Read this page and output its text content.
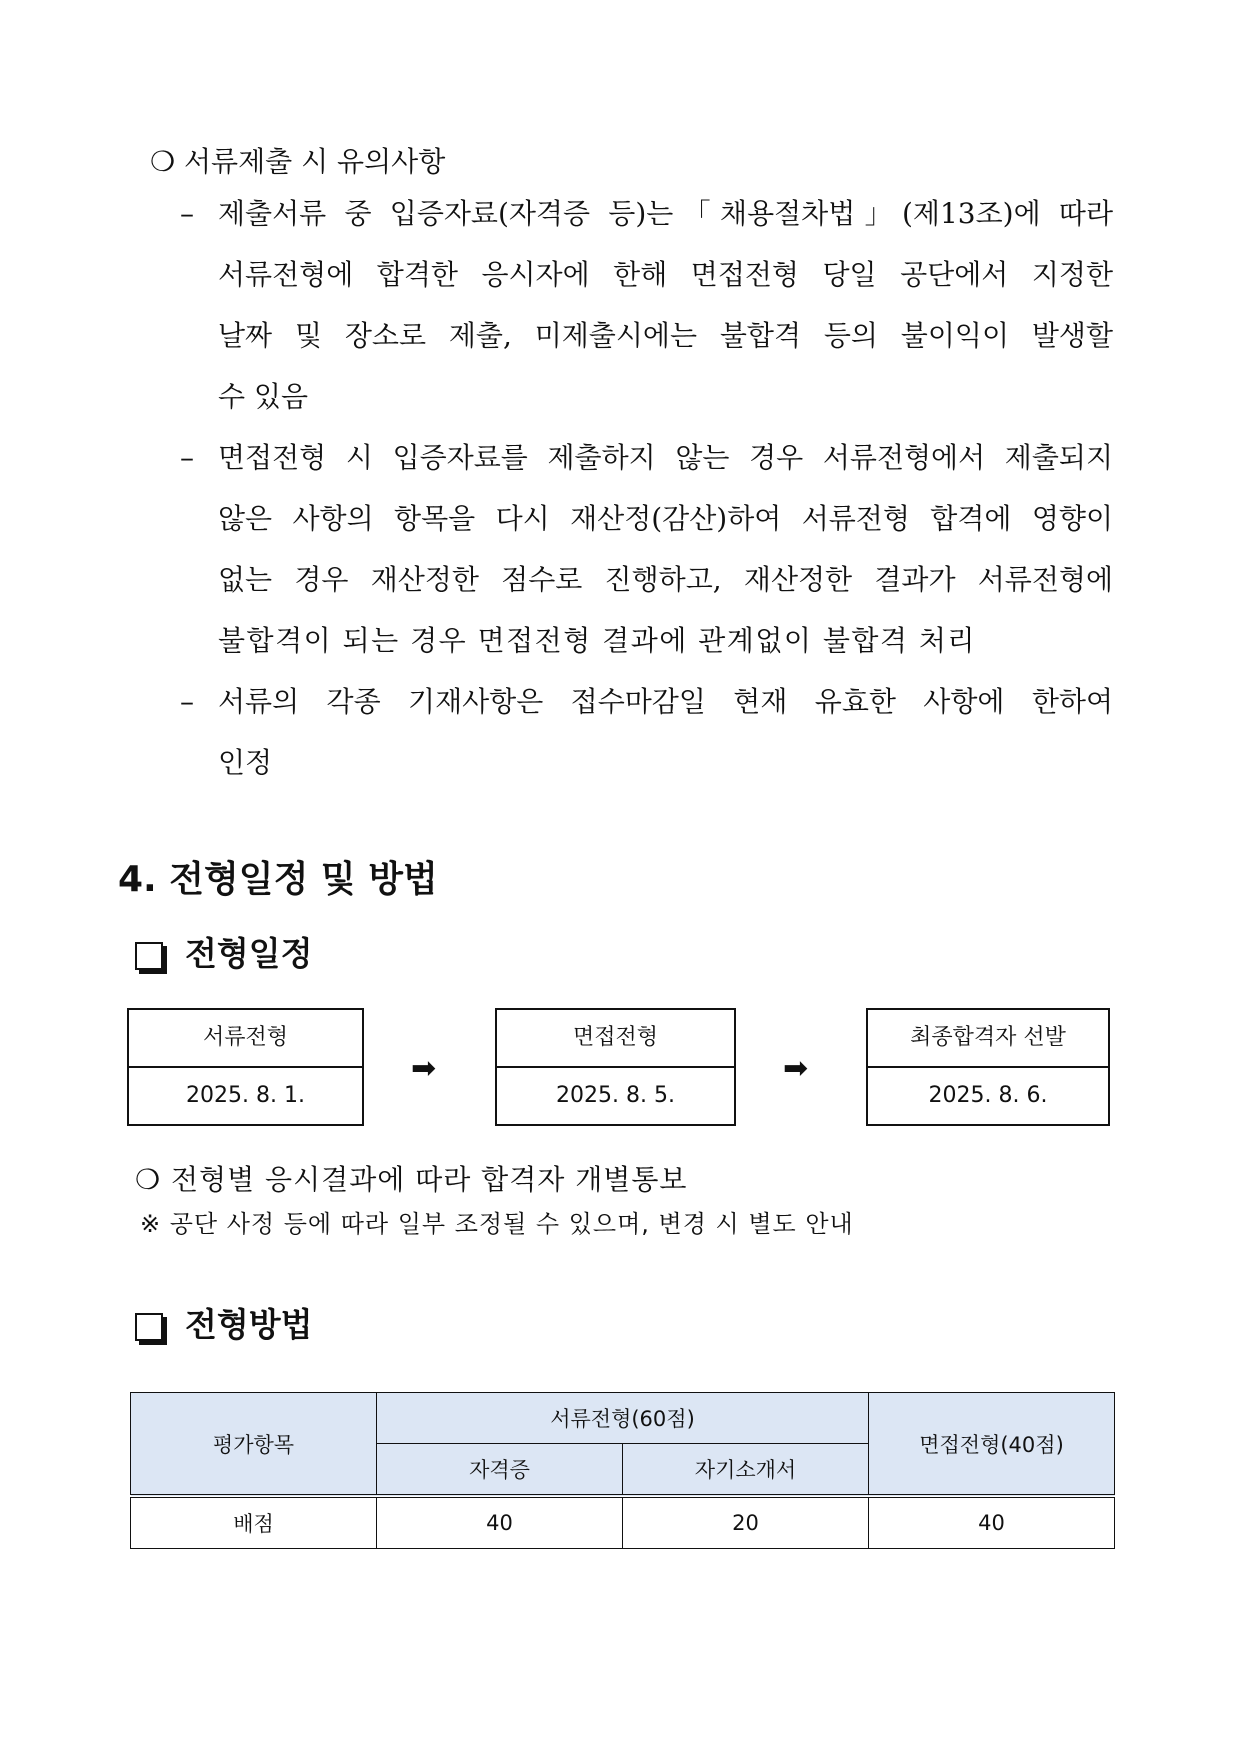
❍ 서류제출 시 유의사항
– 제출서류 중 입증자료(자격증 등)는「채용절차법」(제13조)에 따라
서류전형에 합격한 응시자에 한해 면접전형 당일 공단에서 지정한
날짜 및 장소로 제출, 미제출시에는 불합격 등의 불이익이 발생할
수 있음
– 면접전형 시 입증자료를 제출하지 않는 경우 서류전형에서 제출되지
않은 사항의 항목을 다시 재산정(감산)하여 서류전형 합격에 영향이
없는 경우 재산정한 점수로 진행하고, 재산정한 결과가 서류전형에
불합격이 되는 경우 면접전형 결과에 관계없이 불합격 처리
– 서류의 각종 기재사항은 접수마감일 현재 유효한 사항에 한하여
인정
4. 전형일정 및 방법
전형일정
서류전형
2025. 8. 1.
➡
면접전형
2025. 8. 5.
➡
최종합격자 선발
2025. 8. 6.
❍ 전형별 응시결과에 따라 합격자 개별통보
※ 공단 사정 등에 따라 일부 조정될 수 있으며, 변경 시 별도 안내
전형방법
평가항목	서류전형(60점)		면접전형(40점)
	자격증	자기소개서	
배점	40	20	40
